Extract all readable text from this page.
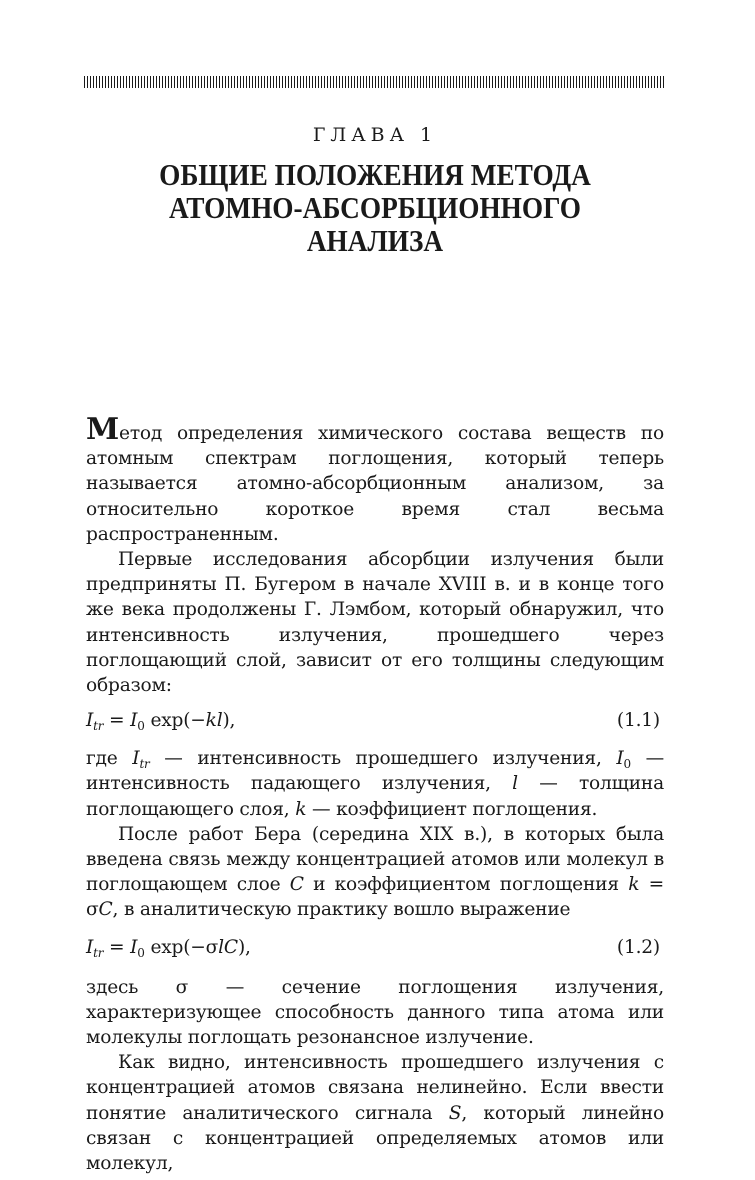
ГЛАВА 1
ОБЩИЕ ПОЛОЖЕНИЯ МЕТОДА
АТОМНО-АБСОРБЦИОННОГО
АНАЛИЗА

Метод определения химического состава веществ по атомным спектрам поглощения, который теперь называется атомно-абсорбционным анализом, за относительно короткое время стал весьма распространенным.

Первые исследования абсорбции излучения были предприняты П. Бугером в начале XVIII в. и в конце того же века продолжены Г. Лэмбом, который обнаружил, что интенсивность излучения, прошедшего через поглощающий слой, зависит от его толщины следующим образом:

$I_{tr} = I_0$ exp(−kl),	(1.1)

где $I_{tr}$ — интенсивность прошедшего излучения, $I_0$ — интенсивность падающего излучения, l — толщина поглощающего слоя, k — коэффициент поглощения.

После работ Бера (середина XIX в.), в которых была введена связь между концентрацией атомов или молекул в поглощающем слое C и коэффициентом поглощения k = σC, в аналитическую практику вошло выражение

$I_{tr} = I_0$ exp(−σlC),	(1.2)

здесь σ — сечение поглощения излучения, характеризующее способность данного типа атома или молекулы поглощать резонансное излучение.

Как видно, интенсивность прошедшего излучения с концентрацией атомов связана нелинейно. Если ввести понятие аналитического сигнала S, который линейно связан с концентрацией определяемых атомов или молекул,
